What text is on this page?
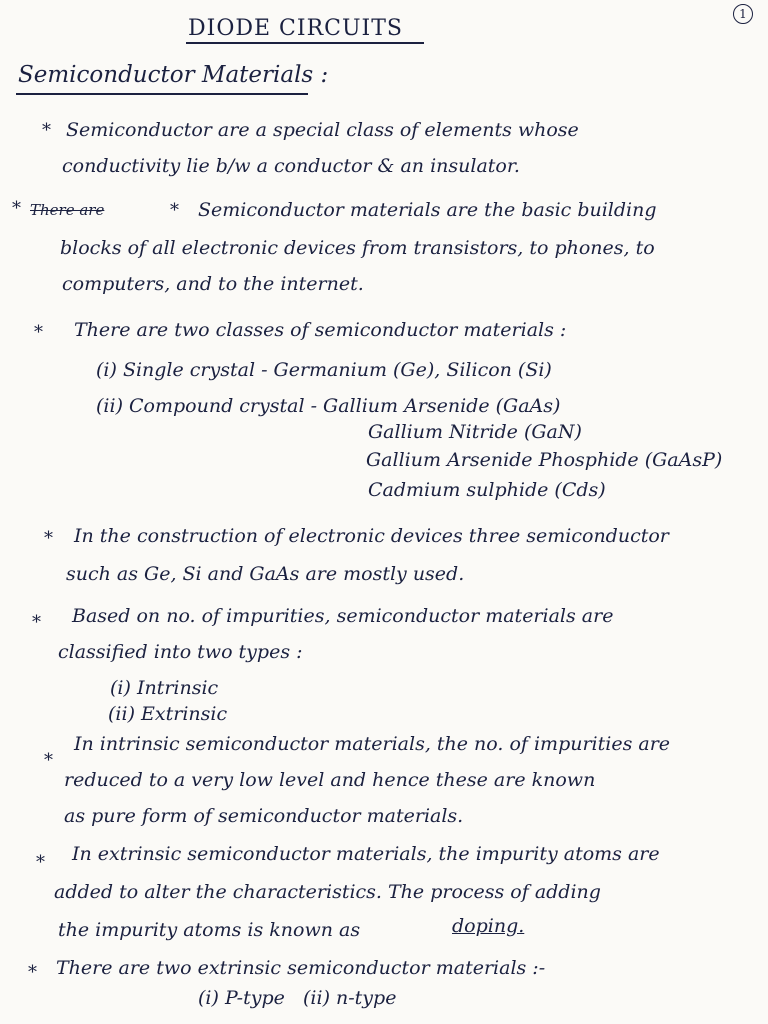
1
DIODE CIRCUITS
Semiconductor Materials :
* Semiconductor are a special class of elements whose
conductivity lie b/w a conductor & an insulator.
* There are	* Semiconductor materials are the basic building
blocks of all electronic devices from transistors, to phones, to
computers, and to the internet.
* There are two classes of semiconductor materials :
(i) Single crystal - Germanium (Ge), Silicon (Si)
(ii) Compound crystal - Gallium Arsenide (GaAs)
Gallium Nitride (GaN)
Gallium Arsenide Phosphide (GaAsP)
Cadmium sulphide (Cds)
* In the construction of electronic devices three semiconductor
such as Ge, Si and GaAs are mostly used.
* Based on no. of impurities, semiconductor materials are
classified into two types :
(i) Intrinsic
(ii) Extrinsic
*
In intrinsic semiconductor materials, the no. of impurities are
reduced to a very low level and hence these are known
as pure form of semiconductor materials.
* In extrinsic semiconductor materials, the impurity atoms are
added to alter the characteristics. The process of adding
the impurity atoms is known as	doping.
* There are two extrinsic semiconductor materials :-
(i) P-type   (ii) n-type
